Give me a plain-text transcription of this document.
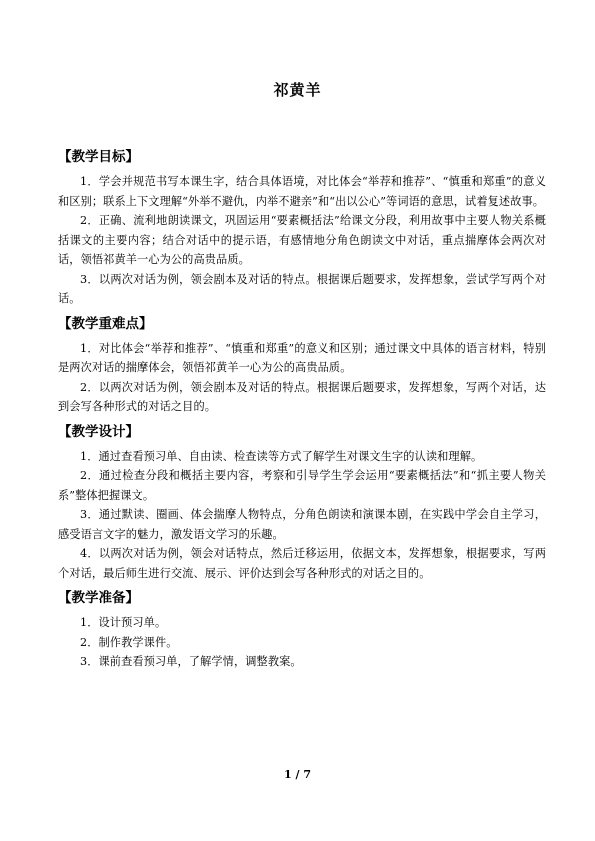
祁黄羊
【教学目标】

1．学会并规范书写本课生字，结合具体语境，对比体会“举荐和推荐”、“慎重和郑重”的意义和区别；联系上下文理解“外举不避仇，内举不避亲”和“出以公心”等词语的意思，试着复述故事。

2．正确、流利地朗读课文，巩固运用“要素概括法”给课文分段，利用故事中主要人物关系概括课文的主要内容；结合对话中的提示语，有感情地分角色朗读文中对话，重点揣摩体会两次对话，领悟祁黄羊一心为公的高贵品质。

3．以两次对话为例，领会剧本及对话的特点。根据课后题要求，发挥想象，尝试学写两个对话。

【教学重难点】

1．对比体会“举荐和推荐”、“慎重和郑重”的意义和区别；通过课文中具体的语言材料，特别是两次对话的揣摩体会，领悟祁黄羊一心为公的高贵品质。

2．以两次对话为例，领会剧本及对话的特点。根据课后题要求，发挥想象，写两个对话，达到会写各种形式的对话之目的。

【教学设计】

1．通过查看预习单、自由读、检查读等方式了解学生对课文生字的认读和理解。

2．通过检查分段和概括主要内容，考察和引导学生学会运用“要素概括法”和“抓主要人物关系”整体把握课文。

3．通过默读、圈画、体会揣摩人物特点，分角色朗读和演课本剧，在实践中学会自主学习，感受语言文字的魅力，激发语文学习的乐趣。

4．以两次对话为例，领会对话特点，然后迁移运用，依据文本，发挥想象，根据要求，写两个对话，最后师生进行交流、展示、评价达到会写各种形式的对话之目的。

【教学准备】

1．设计预习单。

2．制作教学课件。

3．课前查看预习单，了解学情，调整教案。

1 / 7
